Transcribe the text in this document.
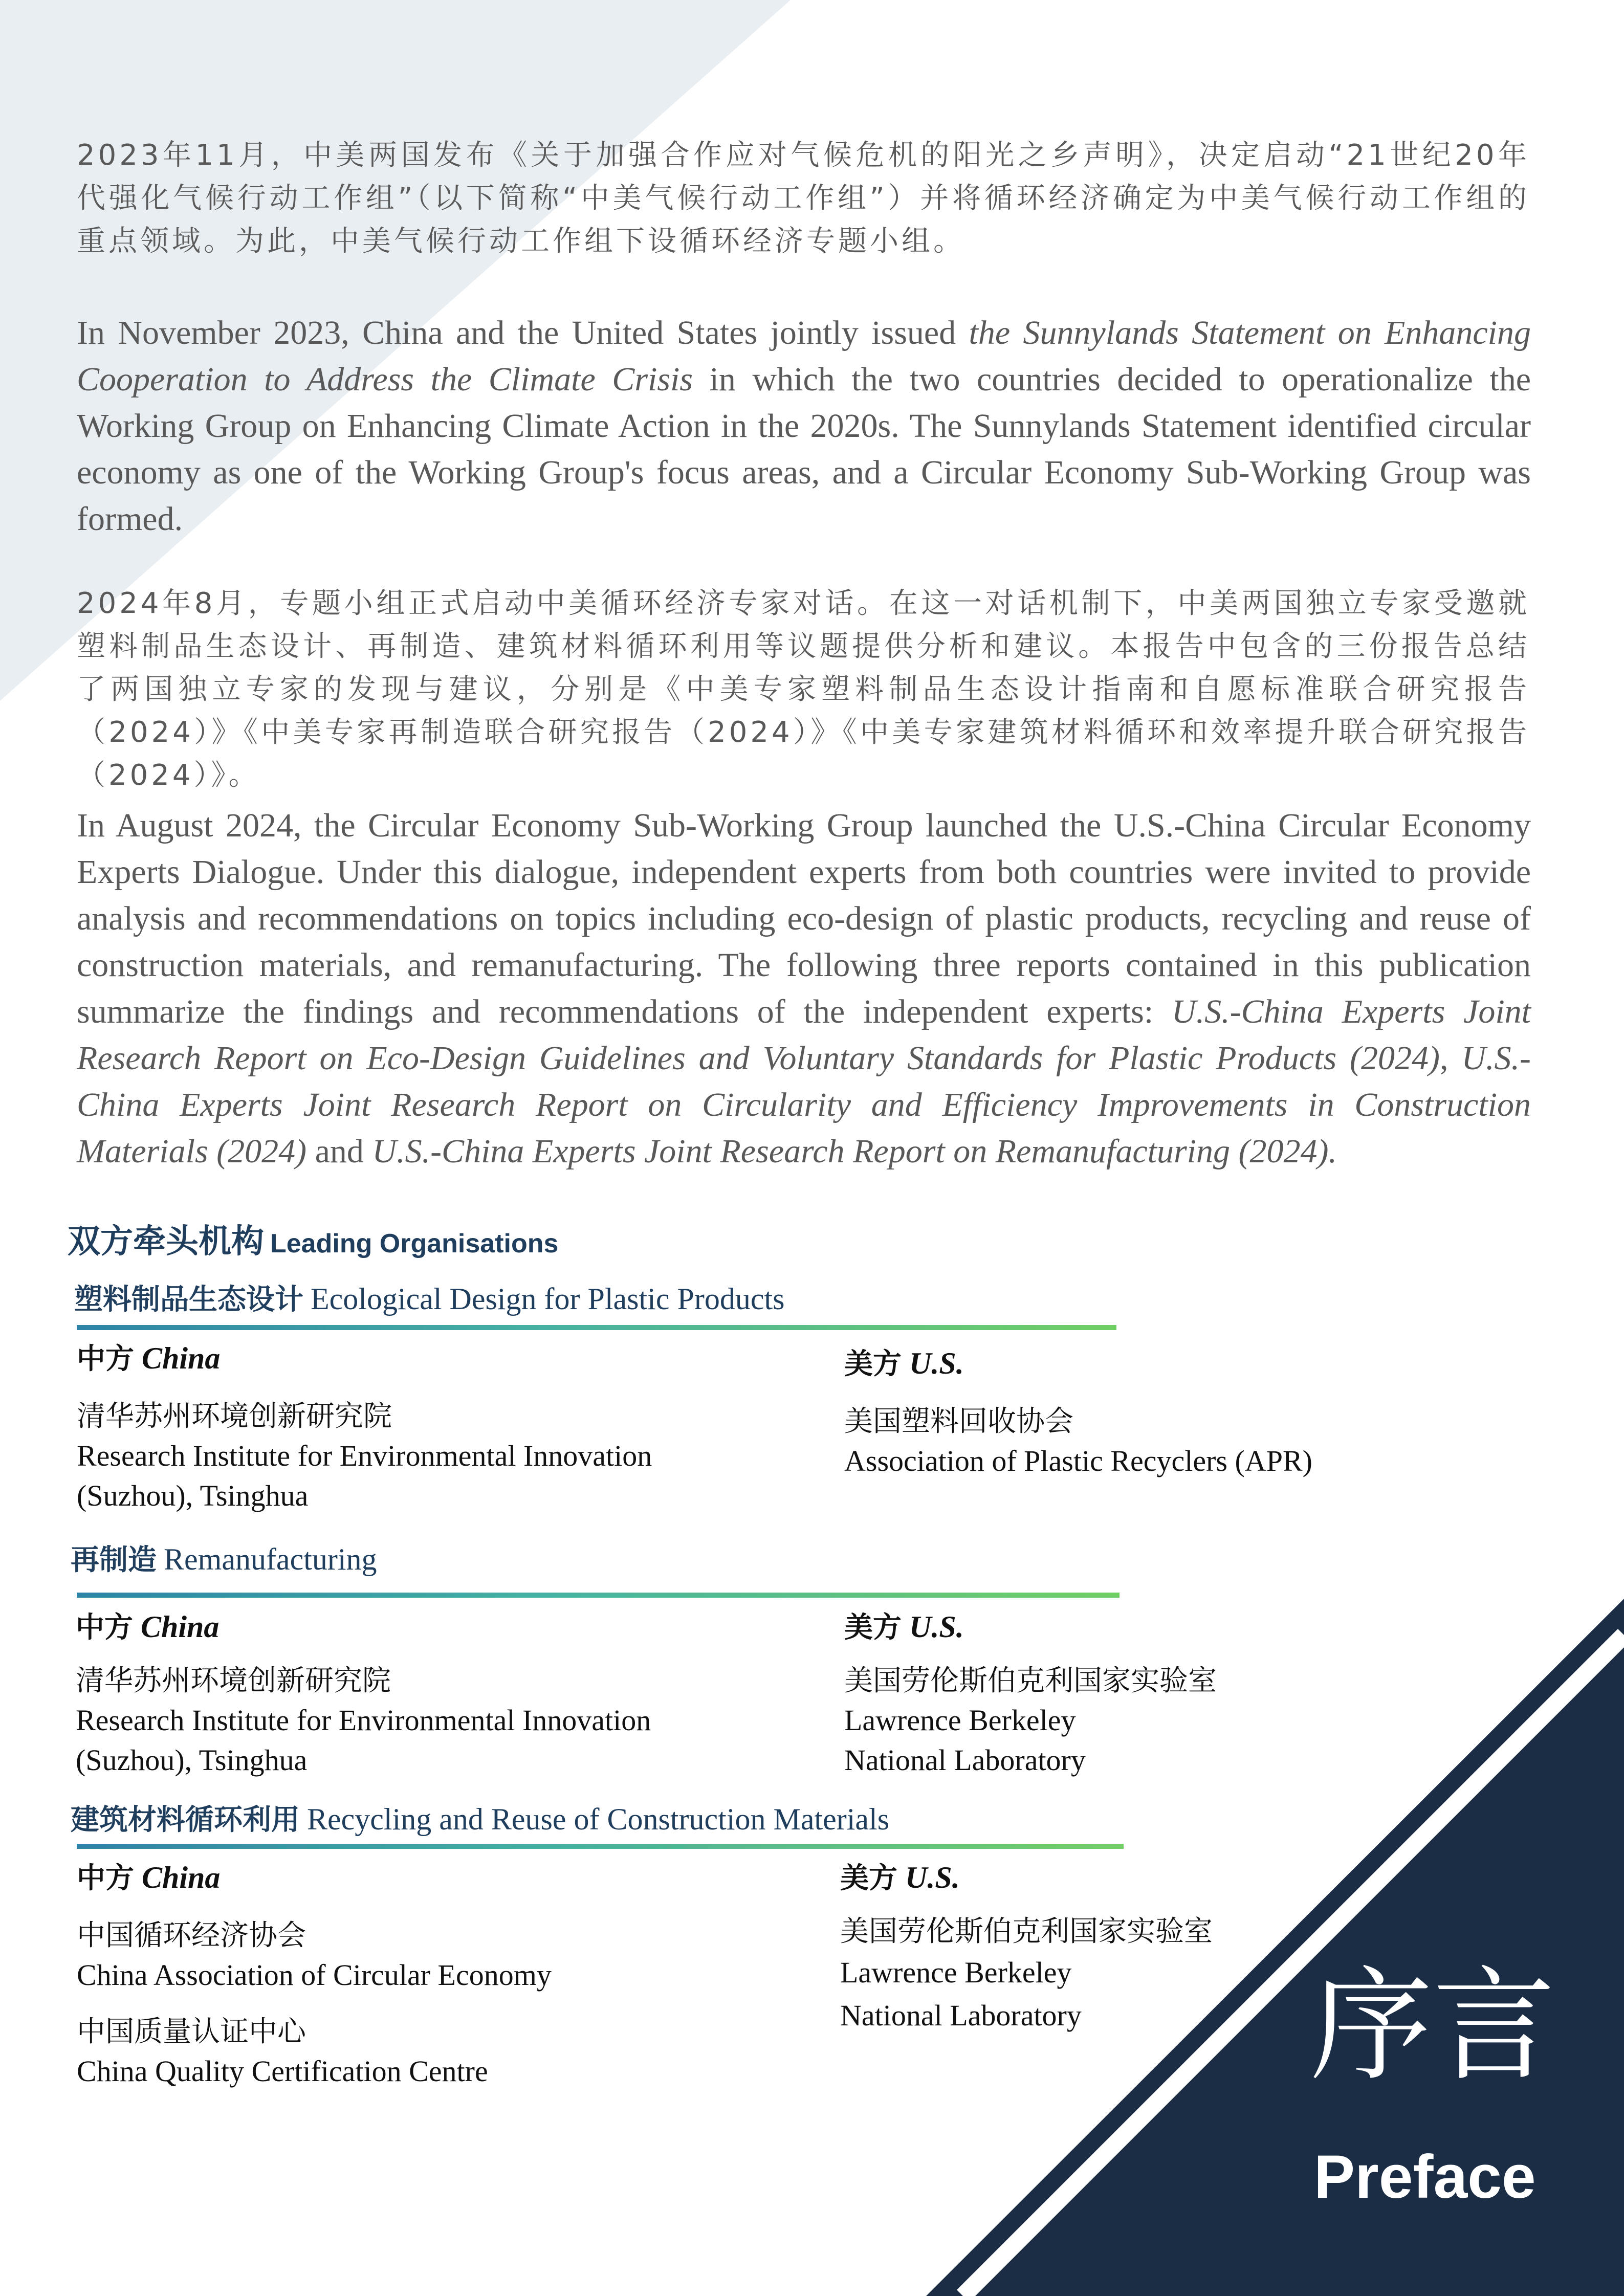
2023年11月，中美两国发布《关于加强合作应对气候危机的阳光之乡声明》，决定启动“21世纪20年代强化气候行动工作组”（以下简称“中美气候行动工作组”）并将循环经济确定为中美气候行动工作组的重点领域。为此，中美气候行动工作组下设循环经济专题小组。

In November 2023, China and the United States jointly issued the Sunnylands Statement on Enhancing Cooperation to Address the Climate Crisis in which the two countries decided to operationalize the Working Group on Enhancing Climate Action in the 2020s. The Sunnylands Statement identified circular economy as one of the Working Group's focus areas, and a Circular Economy Sub-Working Group was formed.

2024年8月，专题小组正式启动中美循环经济专家对话。在这一对话机制下，中美两国独立专家受邀就塑料制品生态设计、再制造、建筑材料循环利用等议题提供分析和建议。本报告中包含的三份报告总结了两国独立专家的发现与建议，分别是《中美专家塑料制品生态设计指南和自愿标准联合研究报告（2024）》《中美专家再制造联合研究报告（2024）》《中美专家建筑材料循环和效率提升联合研究报告（2024）》。

In August 2024, the Circular Economy Sub-Working Group launched the U.S.-China Circular Economy Experts Dialogue. Under this dialogue, independent experts from both countries were invited to provide analysis and recommendations on topics including eco-design of plastic products, recycling and reuse of construction materials, and remanufacturing. The following three reports contained in this publication summarize the findings and recommendations of the independent experts: U.S.-China Experts Joint Research Report on Eco-Design Guidelines and Voluntary Standards for Plastic Products (2024), U.S.-China Experts Joint Research Report on Circularity and Efficiency Improvements in Construction Materials (2024) and U.S.-China Experts Joint Research Report on Remanufacturing (2024).

双方牵头机构 Leading Organisations
塑料制品生态设计 Ecological Design for Plastic Products
中方 China
清华苏州环境创新研究院
Research Institute for Environmental Innovation
(Suzhou), Tsinghua
美方 U.S.
美国塑料回收协会
Association of Plastic Recyclers (APR)
再制造 Remanufacturing
中方 China
清华苏州环境创新研究院
Research Institute for Environmental Innovation
(Suzhou), Tsinghua
美方 U.S.
美国劳伦斯伯克利国家实验室
Lawrence Berkeley
National Laboratory
建筑材料循环利用 Recycling and Reuse of Construction Materials
中方 China
中国循环经济协会
China Association of Circular Economy
中国质量认证中心
China Quality Certification Centre
美方 U.S.
美国劳伦斯伯克利国家实验室
Lawrence Berkeley
National Laboratory	序言
Preface
